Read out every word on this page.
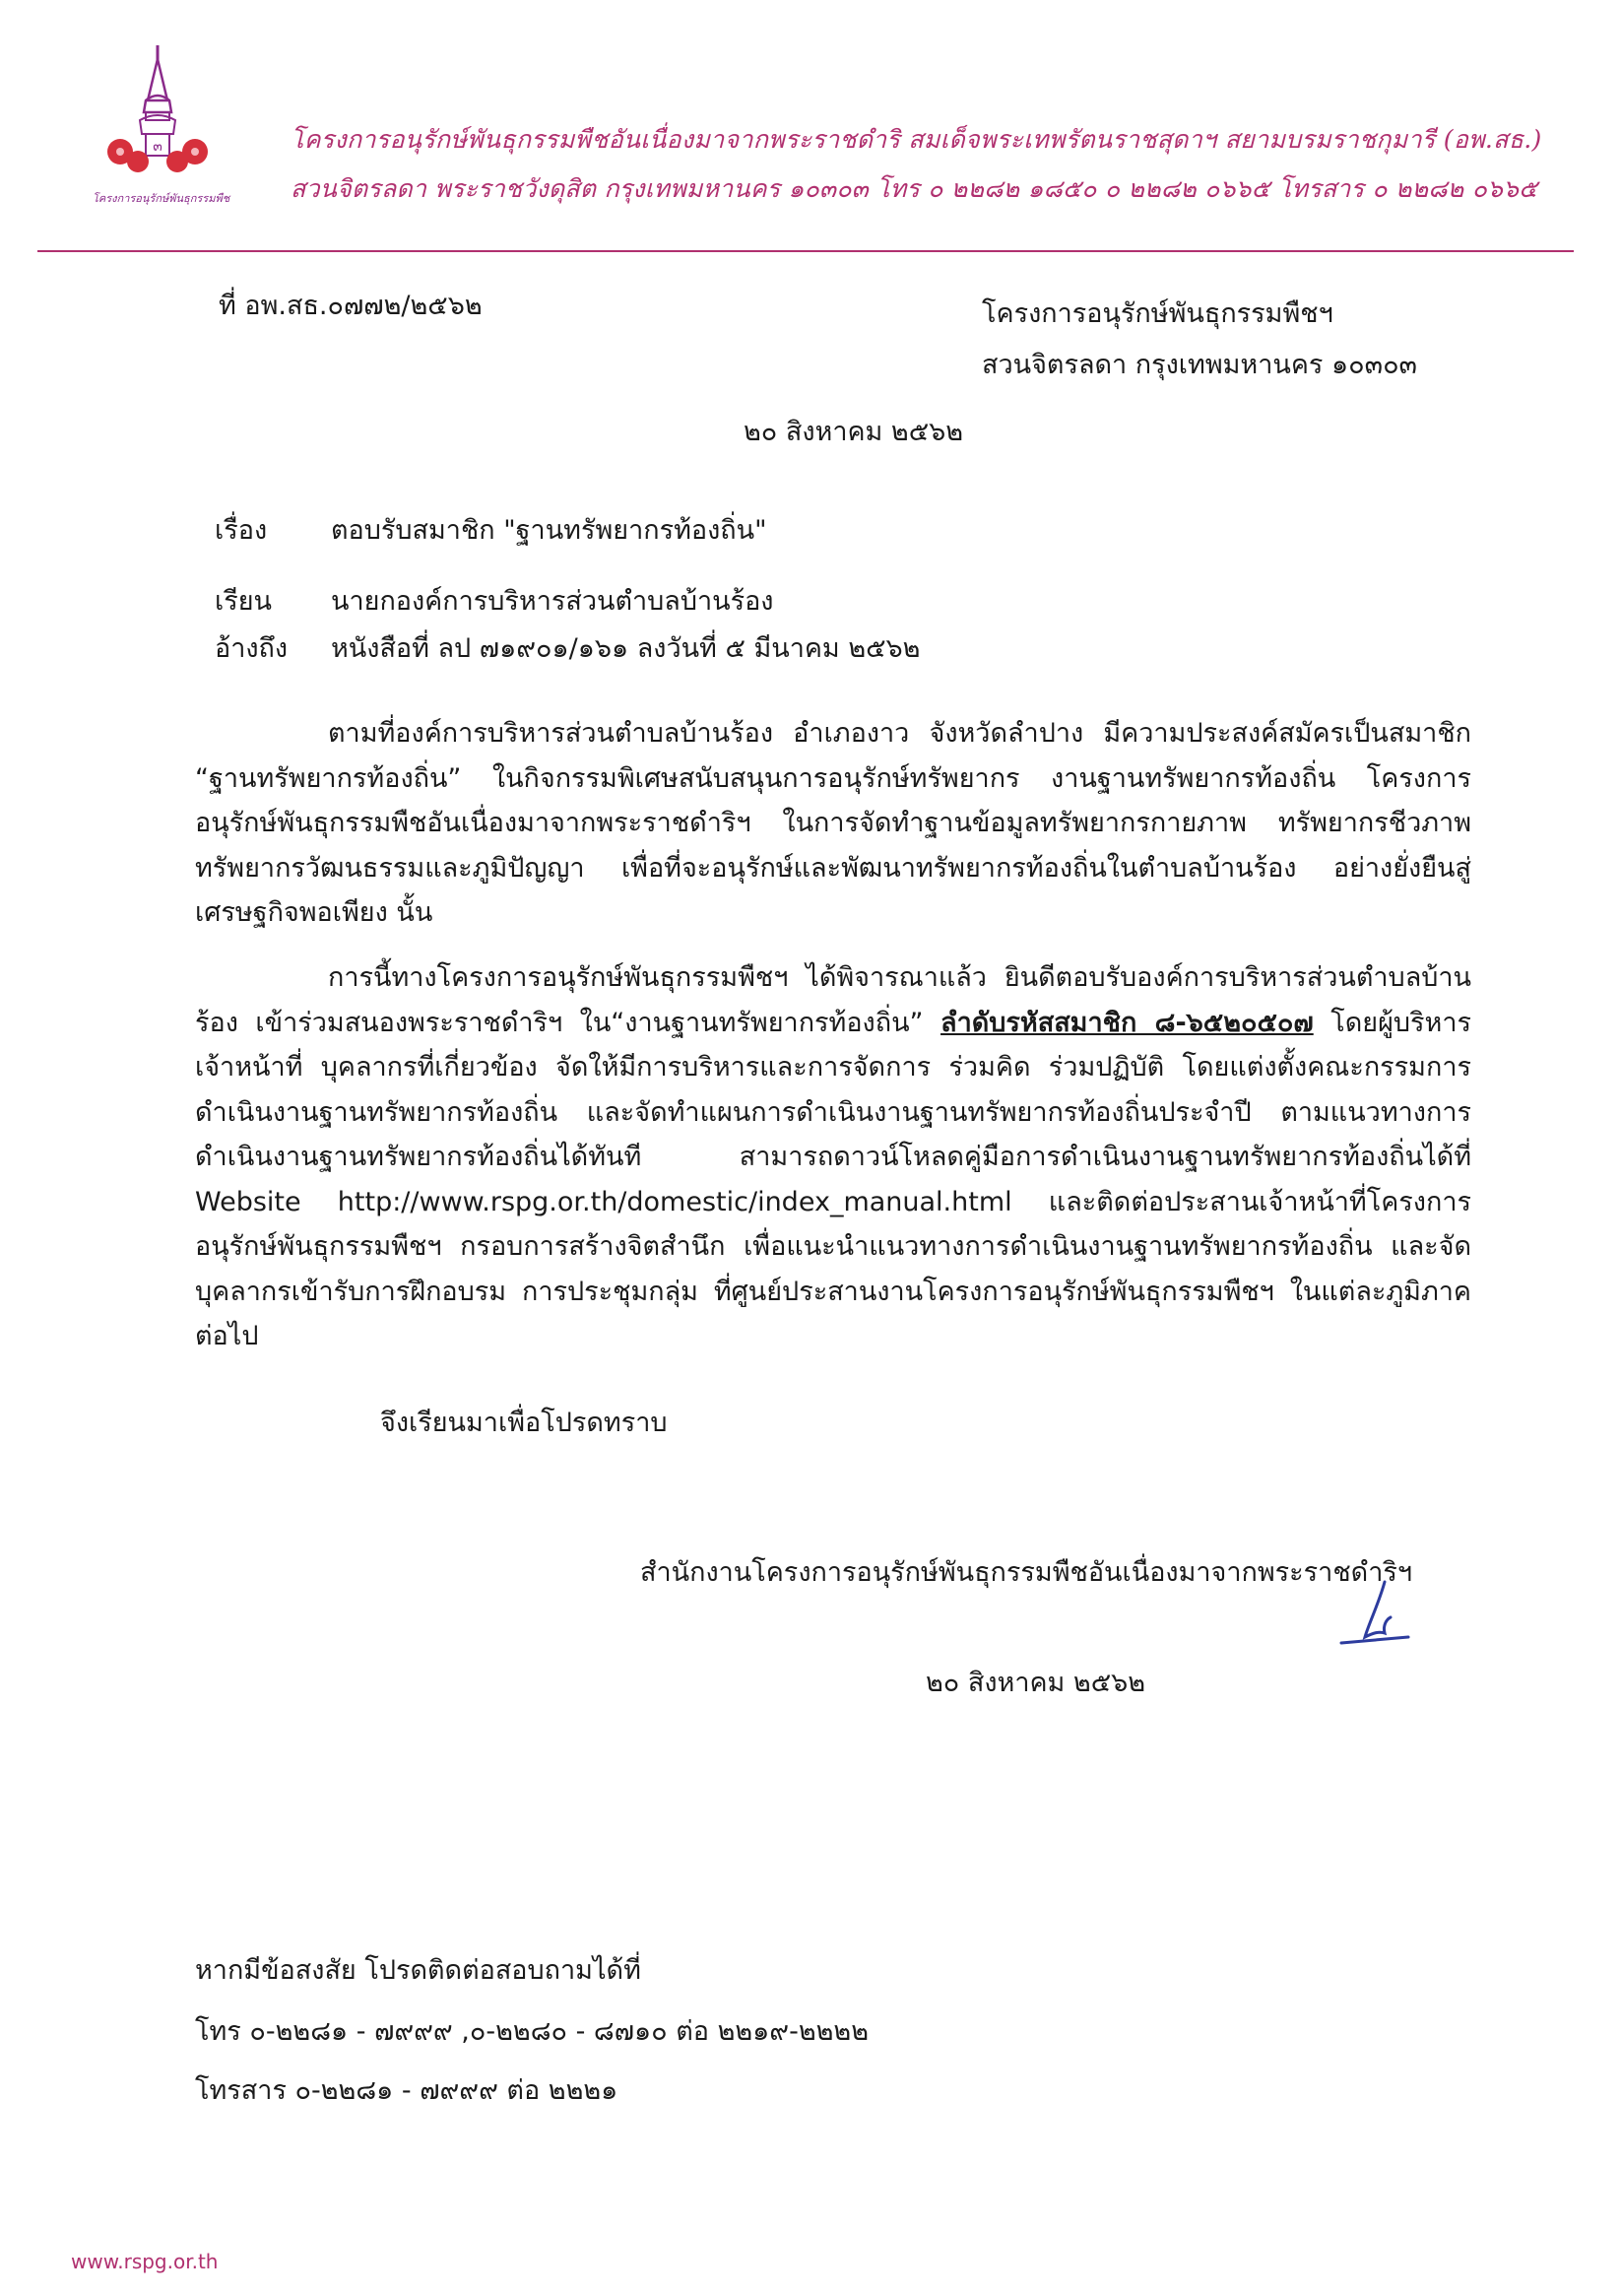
๓
โครงการอนุรักษ์พันธุกรรมพืช
โครงการอนุรักษ์พันธุกรรมพืชอันเนื่องมาจากพระราชดำริ สมเด็จพระเทพรัตนราชสุดาฯ สยามบรมราชกุมารี (อพ.สธ.)
สวนจิตรลดา พระราชวังดุสิต กรุงเทพมหานคร ๑๐๓๐๓ โทร ๐ ๒๒๘๒ ๑๘๕๐ ๐ ๒๒๘๒ ๐๖๖๕ โทรสาร ๐ ๒๒๘๒ ๐๖๖๕
ที่ อพ.สธ.๐๗๗๒/๒๕๖๒	โครงการอนุรักษ์พันธุกรรมพืชฯ
สวนจิตรลดา กรุงเทพมหานคร ๑๐๓๐๓
๒๐ สิงหาคม ๒๕๖๒
เรื่อง ตอบรับสมาชิก "ฐานทรัพยากรท้องถิ่น"
เรียน นายกองค์การบริหารส่วนตำบลบ้านร้อง
อ้างถึง หนังสือที่ ลป ๗๑๙๐๑/๑๖๑ ลงวันที่ ๕ มีนาคม ๒๕๖๒
ตามที่องค์การบริหารส่วนตำบลบ้านร้อง อำเภองาว จังหวัดลำปาง มีความประสงค์สมัครเป็นสมาชิก “ฐานทรัพยากรท้องถิ่น” ในกิจกรรมพิเศษสนับสนุนการอนุรักษ์ทรัพยากร งานฐานทรัพยากรท้องถิ่น โครงการอนุรักษ์พันธุกรรมพืชอันเนื่องมาจากพระราชดำริฯ ในการจัดทำฐานข้อมูลทรัพยากรกายภาพ ทรัพยากรชีวภาพ ทรัพยากรวัฒนธรรมและภูมิปัญญา เพื่อที่จะอนุรักษ์และพัฒนาทรัพยากรท้องถิ่นในตำบลบ้านร้อง อย่างยั่งยืนสู่เศรษฐกิจพอเพียง นั้น
การนี้ทางโครงการอนุรักษ์พันธุกรรมพืชฯ ได้พิจารณาแล้ว ยินดีตอบรับองค์การบริหารส่วนตำบลบ้านร้อง เข้าร่วมสนองพระราชดำริฯ ใน“งานฐานทรัพยากรท้องถิ่น” ลำดับรหัสสมาชิก ๘-๖๕๒๐๕๐๗ โดยผู้บริหาร เจ้าหน้าที่ บุคลากรที่เกี่ยวข้อง จัดให้มีการบริหารและการจัดการ ร่วมคิด ร่วมปฏิบัติ โดยแต่งตั้งคณะกรรมการดำเนินงานฐานทรัพยากรท้องถิ่น และจัดทำแผนการดำเนินงานฐานทรัพยากรท้องถิ่นประจำปี ตามแนวทางการดำเนินงานฐานทรัพยากรท้องถิ่นได้ทันที สามารถดาวน์โหลดคู่มือการดำเนินงานฐานทรัพยากรท้องถิ่นได้ที่ Website http://www.rspg.or.th/domestic/index_manual.html และติดต่อประสานเจ้าหน้าที่โครงการอนุรักษ์พันธุกรรมพืชฯ กรอบการสร้างจิตสำนึก เพื่อแนะนำแนวทางการดำเนินงานฐานทรัพยากรท้องถิ่น และจัดบุคลากรเข้ารับการฝึกอบรม การประชุมกลุ่ม ที่ศูนย์ประสานงานโครงการอนุรักษ์พันธุกรรมพืชฯ ในแต่ละภูมิภาคต่อไป
จึงเรียนมาเพื่อโปรดทราบ
สำนักงานโครงการอนุรักษ์พันธุกรรมพืชอันเนื่องมาจากพระราชดำริฯ
๒๐ สิงหาคม ๒๕๖๒
หากมีข้อสงสัย โปรดติดต่อสอบถามได้ที่
โทร ๐-๒๒๘๑ - ๗๙๙๙ ,๐-๒๒๘๐ - ๘๗๑๐ ต่อ ๒๒๑๙-๒๒๒๒
โทรสาร ๐-๒๒๘๑ - ๗๙๙๙ ต่อ ๒๒๒๑
www.rspg.or.th
